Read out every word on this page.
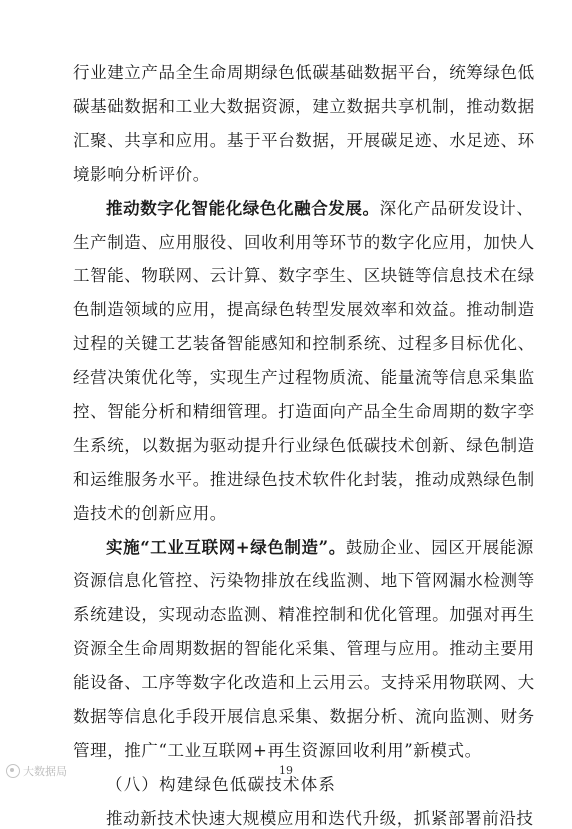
行业建立产品全生命周期绿色低碳基础数据平台，统筹绿色低
碳基础数据和工业大数据资源，建立数据共享机制，推动数据
汇聚、共享和应用。基于平台数据，开展碳足迹、水足迹、环
境影响分析评价。
推动数字化智能化绿色化融合发展。深化产品研发设计、
生产制造、应用服役、回收利用等环节的数字化应用，加快人
工智能、物联网、云计算、数字孪生、区块链等信息技术在绿
色制造领域的应用，提高绿色转型发展效率和效益。推动制造
过程的关键工艺装备智能感知和控制系统、过程多目标优化、
经营决策优化等，实现生产过程物质流、能量流等信息采集监
控、智能分析和精细管理。打造面向产品全生命周期的数字孪
生系统，以数据为驱动提升行业绿色低碳技术创新、绿色制造
和运维服务水平。推进绿色技术软件化封装，推动成熟绿色制
造技术的创新应用。
实施“工业互联网+绿色制造”。鼓励企业、园区开展能源
资源信息化管控、污染物排放在线监测、地下管网漏水检测等
系统建设，实现动态监测、精准控制和优化管理。加强对再生
资源全生命周期数据的智能化采集、管理与应用。推动主要用
能设备、工序等数字化改造和上云用云。支持采用物联网、大
数据等信息化手段开展信息采集、数据分析、流向监测、财务
管理，推广“工业互联网+再生资源回收利用”新模式。
（八）构建绿色低碳技术体系
推动新技术快速大规模应用和迭代升级，抓紧部署前沿技
19
大数据局
